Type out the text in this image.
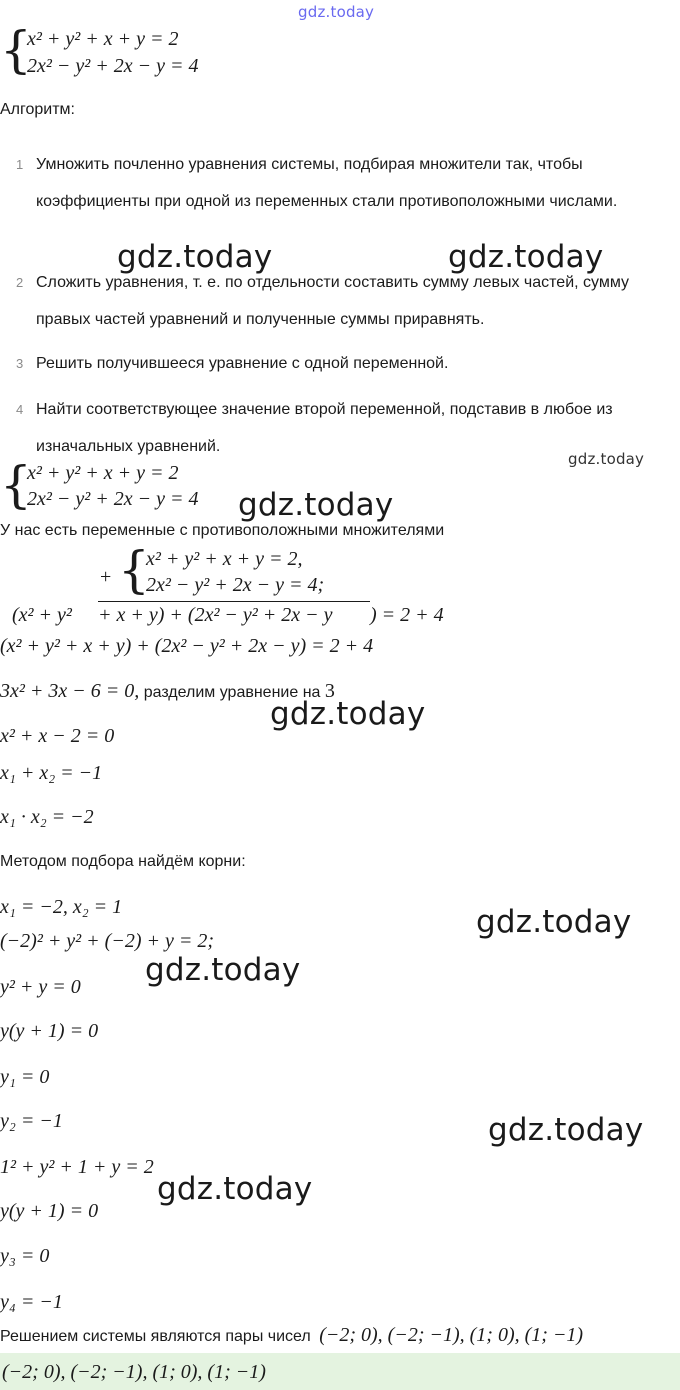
gdz.today
{
x² + y² + x + y = 2
2x² − y² + 2x − y = 4
Алгоритм:
1 Умножить почленно уравнения системы, подбирая множители так, чтобы коэффициенты при одной из переменных стали противоположными числами.
2 Сложить уравнения, т. е. по отдельности составить сумму левых частей, сумму правых частей уравнений и полученные суммы приравнять.
3 Решить получившееся уравнение с одной переменной.
4 Найти соответствующее значение второй переменной, подставив в любое из изначальных уравнений.
{
x² + y² + x + y = 2
2x² − y² + 2x − y = 4
У нас есть переменные с противоположными множителями
+ {
x² + y² + x + y = 2,
2x² − y² + 2x − y = 4;
(x² + y² + x + y) + (2x² − y² + 2x − y ) = 2 + 4
(x² + y² + x + y) + (2x² − y² + 2x − y) = 2 + 4
3x² + 3x − 6 = 0, разделим уравнение на 3
x² + x − 2 = 0
x₁ + x₂ = −1
x₁ · x₂ = −2
Методом подбора найдём корни:
x₁ = −2, x₂ = 1
(−2)² + y² + (−2) + y = 2;
y² + y = 0
y(y + 1) = 0
y₁ = 0
y₂ = −1
1² + y² + 1 + y = 2
y(y + 1) = 0
y₃ = 0
y₄ = −1
Решением системы являются пары чисел (−2; 0), (−2; −1), (1; 0), (1; −1)
(−2; 0), (−2; −1), (1; 0), (1; −1)
gdz.today	gdz.today
gdz.today
gdz.today
gdz.today
gdz.today
gdz.today
gdz.today
gdz.today
